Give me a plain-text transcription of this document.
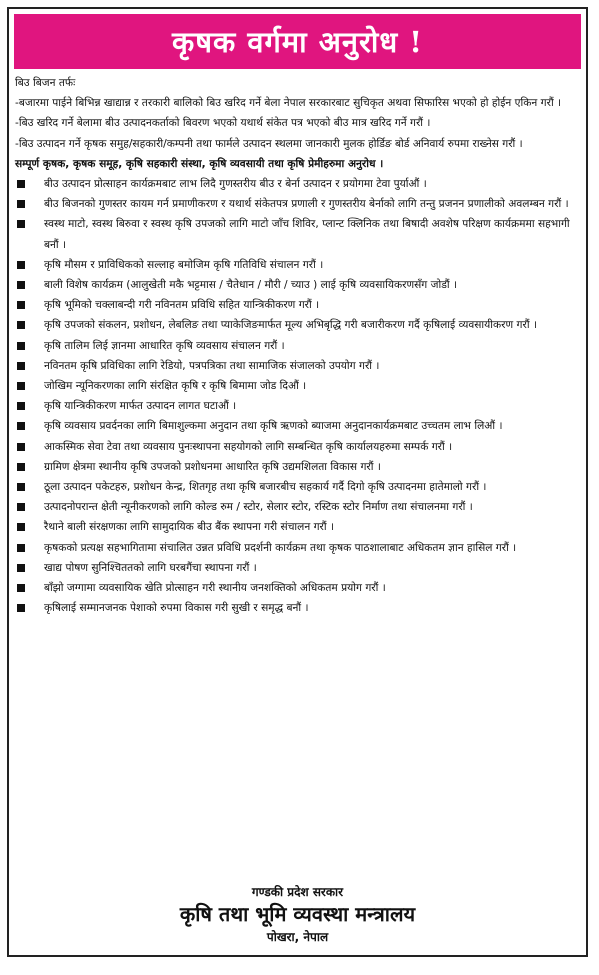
कृषक वर्गमा अनुरोध !

बिउ बिजन तर्फः

-बजारमा पाईने बिभिन्न खाद्यान्न र तरकारी बालिको बिउ खरिद गर्ने बेला नेपाल सरकारबाट सुचिकृत अथवा सिफारिस भएको हो होईन एकिन गरौं ।

-बिउ खरिद गर्ने बेलामा बीउ उत्पादनकर्ताको बिवरण भएको यथार्थ संकेत पत्र भएको बीउ मात्र खरिद गर्ने गरौं ।

-बिउ उत्पादन गर्ने कृषक समुह/सहकारी/कम्पनी तथा फार्मले उत्पादन स्थलमा जानकारी मुलक होर्डिङ बोर्ड अनिवार्य रुपमा राख्नेस गरौं ।

सम्पूर्ण कृषक, कृषक समूह, कृषि सहकारी संस्था, कृषि व्यवसायी तथा कृषि प्रेमीहरुमा अनुरोध ।

बीउ उत्पादन प्रोत्साहन कार्यक्रमबाट लाभ लिदै गुणस्तरीय बीउ र बेर्ना उत्पादन र प्रयोगमा टेवा पुर्याऔं ।
बीउ बिजनको गुणस्तर कायम गर्न प्रमाणीकरण र यथार्थ संकेतपत्र प्रणाली र गुणस्तरीय बेर्नाको लागि तन्तु प्रजनन प्रणालीको अवलम्बन गरौं ।
स्वस्थ माटो, स्वस्थ बिरुवा र स्वस्थ कृषि उपजको लागि माटो जाँच शिविर, प्लान्ट क्लिनिक तथा बिषादी अवशेष परिक्षण कार्यक्रममा सहभागी बनौं ।
कृषि मौसम र प्राविधिकको सल्लाह बमोजिम कृषि गतिविधि संचालन गरौं ।
बाली विशेष कार्यक्रम (आलुखेती मकै भट्टमास / चैतेधान / मौरी / च्याउ ) लाई कृषि व्यवसायिकरणसँग जोडौं ।
कृषि भूमिको चक्लाबन्दी गरी नविनतम प्रविधि सहित यान्त्रिकीकरण गरौं ।
कृषि उपजको संकलन, प्रशोधन, लेबलिङ तथा प्याकेजिङमार्फत मूल्य अभिबृद्धि गरी बजारीकरण गर्दै कृषिलाई व्यवसायीकरण गरौं ।
कृषि तालिम लिई ज्ञानमा आधारित कृषि व्यवसाय संचालन गरौं ।
नविनतम कृषि प्रविधिका लागि रेडियो, पत्रपत्रिका तथा सामाजिक संजालको उपयोग गरौं ।
जोखिम न्यूनिकरणका लागि संरक्षित कृषि र कृषि बिमामा जोड दिऔं ।
कृषि यान्त्रिकीकरण मार्फत उत्पादन लागत घटाऔं ।
कृषि व्यवसाय प्रवर्दनका लागि बिमाशुल्कमा अनुदान तथा कृषि ऋणको ब्याजमा अनुदानकार्यक्रमबाट उच्चतम लाभ लिऔं ।
आकस्मिक सेवा टेवा तथा व्यवसाय पुनःस्थापना सहयोगको लागि सम्बन्धित कृषि कार्यालयहरुमा सम्पर्क गरौं ।
ग्रामिण क्षेत्रमा स्थानीय कृषि उपजको प्रशोधनमा आधारित कृषि उद्यमशिलता विकास गरौं ।
ठूला उत्पादन पकेटहरु, प्रशोधन केन्द्र, शितगृह तथा कृषि बजारबीच सहकार्य गर्दै दिगो कृषि उत्पादनमा हातेमालो गरौं ।
उत्पादनोपरान्त क्षेती न्यूनीकरणको लागि कोल्ड रुम / स्टोर, सेलार स्टोर, रस्टिक स्टोर निर्माण तथा संचालनमा गरौं ।
रैथाने बाली संरक्षणका लागि सामुदायिक बीउ बैंक स्थापना गरी संचालन गरौं ।
कृषकको प्रत्यक्ष सहभागितामा संचालित उन्नत प्रविधि प्रदर्शनी कार्यक्रम तथा कृषक पाठशालाबाट अधिकतम ज्ञान हासिल गरौं ।
खाद्य पोषण सुनिश्चिततको लागि घरबगैंचा स्थापना गरौं ।
बाँझो जग्गामा व्यवसायिक खेति प्रोत्साहन गरी स्थानीय जनशक्तिको अधिकतम प्रयोग गरौं ।
कृषिलाई सम्मानजनक पेशाको रुपमा विकास गरी सुखी र समृद्ध बनौं ।
गण्डकी प्रदेश सरकार
कृषि तथा भूमि व्यवस्था मन्त्रालय
पोखरा, नेपाल
